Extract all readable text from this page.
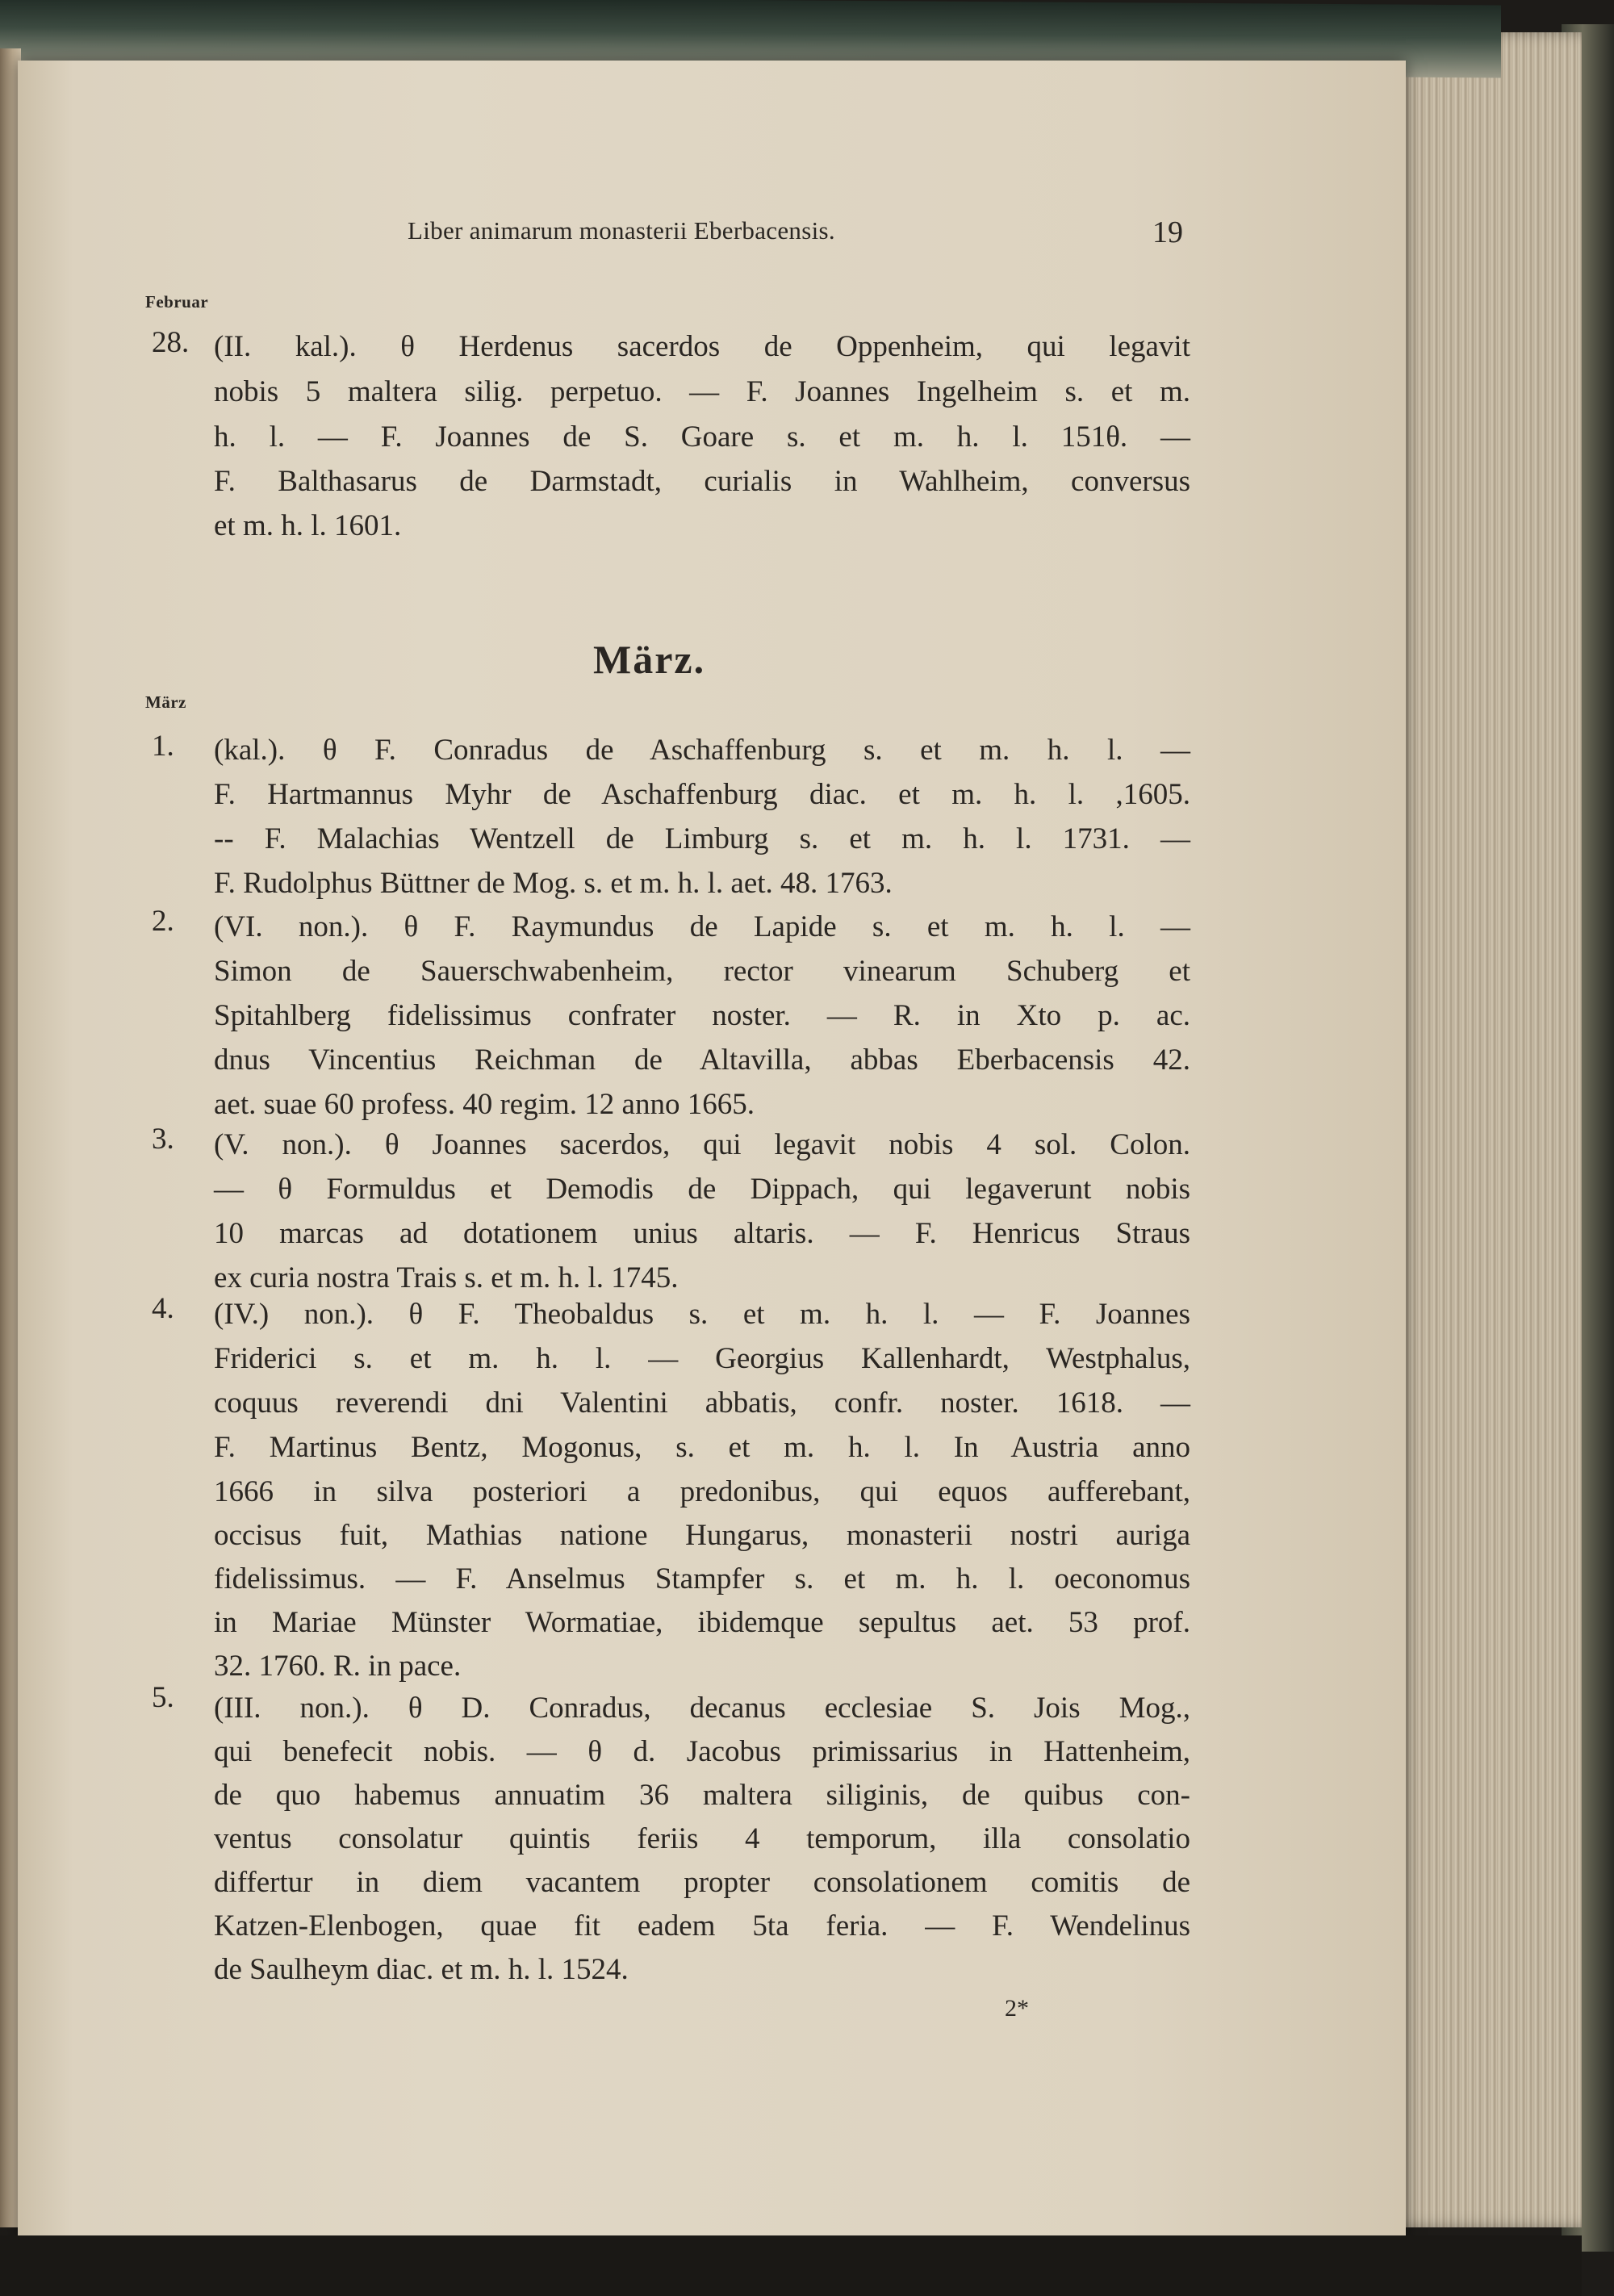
Liber animarum monasterii Eberbacensis.	19
Februar
28. (II. kal.). θ Herdenus sacerdos de Oppenheim, qui legavit
nobis 5 maltera silig. perpetuo. — F. Joannes Ingelheim s. et m.
h. l. — F. Joannes de S. Goare s. et m. h. l. 151θ. —
F. Balthasarus de Darmstadt, curialis in Wahlheim, conversus
et m. h. l. 1601.
März.
März
1. (kal.). θ F. Conradus de Aschaffenburg s. et m. h. l. —
F. Hartmannus Myhr de Aschaffenburg diac. et m. h. l. ,1605.
-- F. Malachias Wentzell de Limburg s. et m. h. l. 1731. —
F. Rudolphus Büttner de Mog. s. et m. h. l. aet. 48. 1763.
2. (VI. non.). θ F. Raymundus de Lapide s. et m. h. l. —
Simon de Sauerschwabenheim, rector vinearum Schuberg et
Spitahlberg fidelissimus confrater noster. — R. in Xto p. ac.
dnus Vincentius Reichman de Altavilla, abbas Eberbacensis 42.
aet. suae 60 profess. 40 regim. 12 anno 1665.
3. (V. non.). θ Joannes sacerdos, qui legavit nobis 4 sol. Colon.
— θ Formuldus et Demodis de Dippach, qui legaverunt nobis
10 marcas ad dotationem unius altaris. — F. Henricus Straus
ex curia nostra Trais s. et m. h. l. 1745.
4. (IV.) non.). θ F. Theobaldus s. et m. h. l. — F. Joannes
Friderici s. et m. h. l. — Georgius Kallenhardt, Westphalus,
coquus reverendi dni Valentini abbatis, confr. noster. 1618. —
F. Martinus Bentz, Mogonus, s. et m. h. l. In Austria anno
1666 in silva posteriori a predonibus, qui equos aufferebant,
occisus fuit, Mathias natione Hungarus, monasterii nostri auriga
fidelissimus. — F. Anselmus Stampfer s. et m. h. l. oeconomus
in Mariae Münster Wormatiae, ibidemque sepultus aet. 53 prof.
32. 1760. R. in pace.
5. (III. non.). θ D. Conradus, decanus ecclesiae S. Jois Mog.,
qui benefecit nobis. — θ d. Jacobus primissarius in Hattenheim,
de quo habemus annuatim 36 maltera siliginis, de quibus con-
ventus consolatur quintis feriis 4 temporum, illa consolatio
differtur in diem vacantem propter consolationem comitis de
Katzen-Elenbogen, quae fit eadem 5ta feria. — F. Wendelinus
de Saulheym diac. et m. h. l. 1524.
2*
